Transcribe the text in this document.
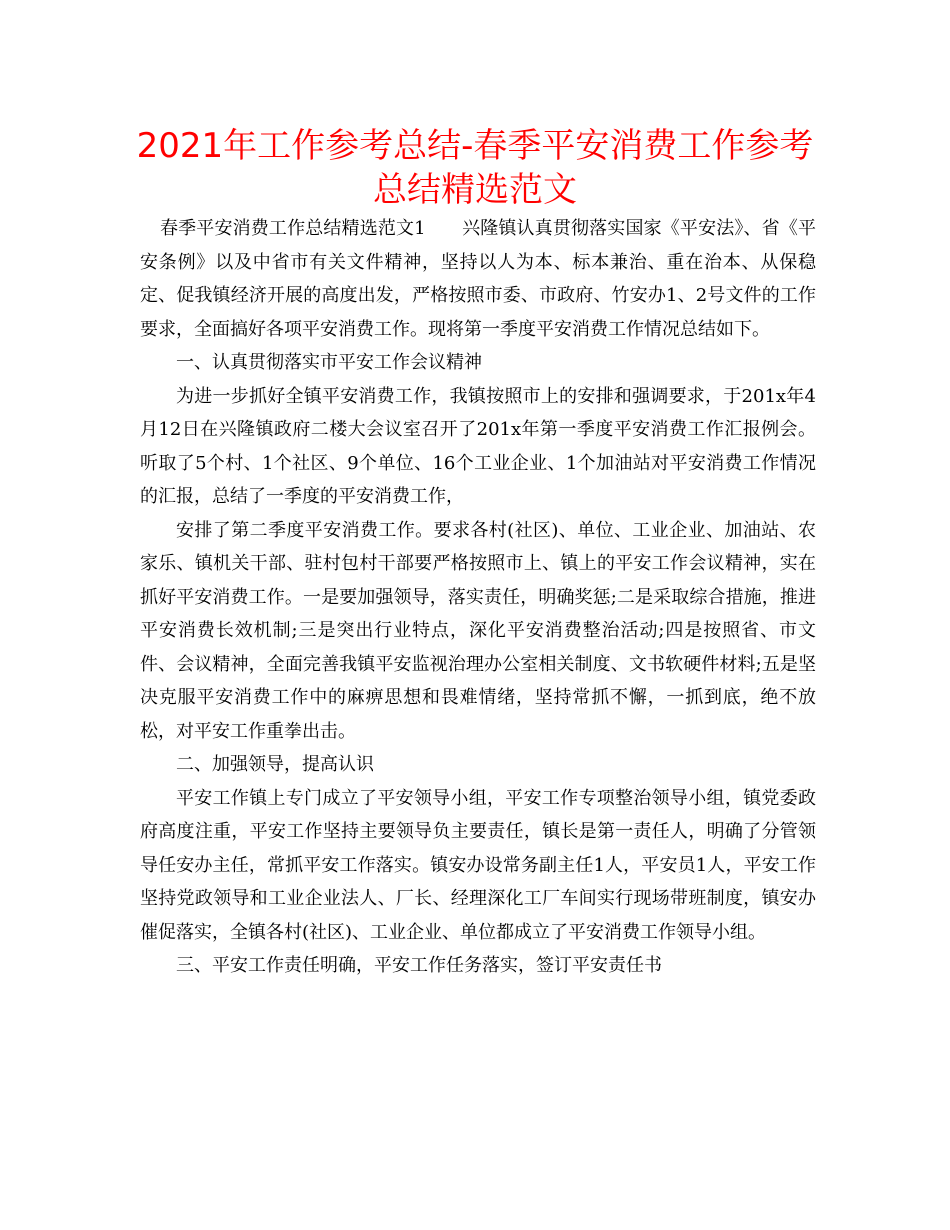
2021年工作参考总结-春季平安消费工作参考总结精选范文

春季平安消费工作总结精选范文1　　兴隆镇认真贯彻落实国家《平安法》、省《平安条例》以及中省市有关文件精神，坚持以人为本、标本兼治、重在治本、从保稳定、促我镇经济开展的高度出发，严格按照市委、市政府、竹安办1、2号文件的工作要求，全面搞好各项平安消费工作。现将第一季度平安消费工作情况总结如下。

一、认真贯彻落实市平安工作会议精神

为进一步抓好全镇平安消费工作，我镇按照市上的安排和强调要求，于201x年4月12日在兴隆镇政府二楼大会议室召开了201x年第一季度平安消费工作汇报例会。听取了5个村、1个社区、9个单位、16个工业企业、1个加油站对平安消费工作情况的汇报，总结了一季度的平安消费工作，

安排了第二季度平安消费工作。要求各村(社区)、单位、工业企业、加油站、农家乐、镇机关干部、驻村包村干部要严格按照市上、镇上的平安工作会议精神，实在抓好平安消费工作。一是要加强领导，落实责任，明确奖惩;二是采取综合措施，推进平安消费长效机制;三是突出行业特点，深化平安消费整治活动;四是按照省、市文件、会议精神，全面完善我镇平安监视治理办公室相关制度、文书软硬件材料;五是坚决克服平安消费工作中的麻痹思想和畏难情绪，坚持常抓不懈，一抓到底，绝不放松，对平安工作重拳出击。

二、加强领导，提高认识

平安工作镇上专门成立了平安领导小组，平安工作专项整治领导小组，镇党委政府高度注重，平安工作坚持主要领导负主要责任，镇长是第一责任人，明确了分管领导任安办主任，常抓平安工作落实。镇安办设常务副主任1人，平安员1人，平安工作坚持党政领导和工业企业法人、厂长、经理深化工厂车间实行现场带班制度，镇安办催促落实，全镇各村(社区)、工业企业、单位都成立了平安消费工作领导小组。

三、平安工作责任明确，平安工作任务落实，签订平安责任书
